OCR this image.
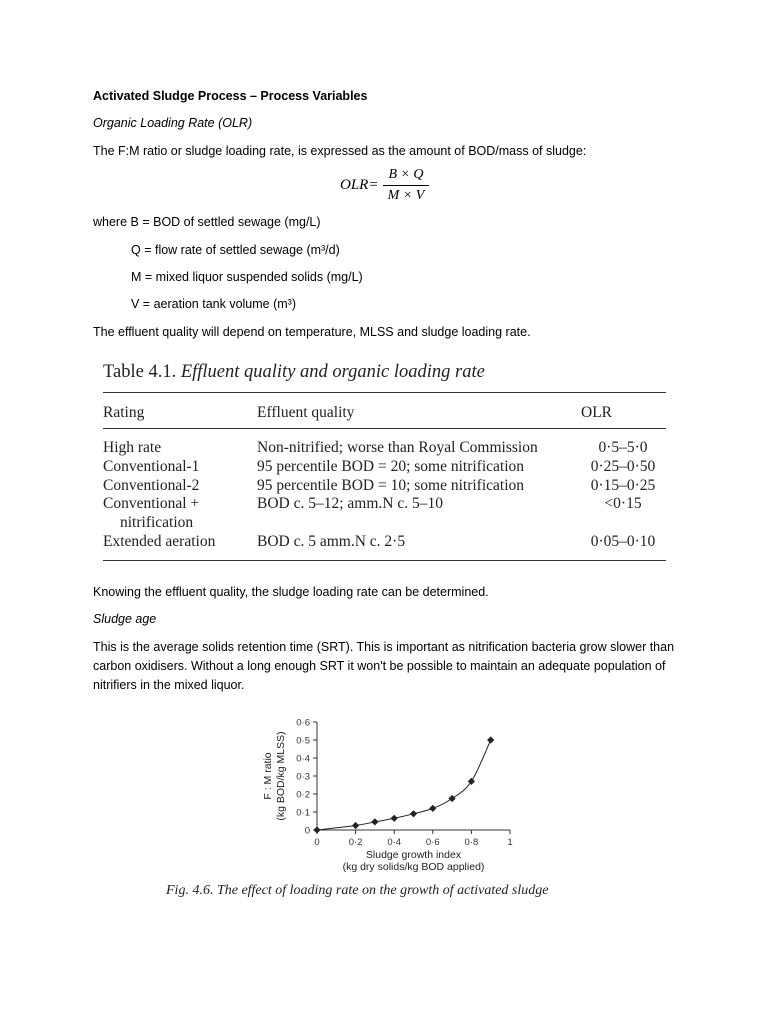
Activated Sludge Process – Process Variables

Organic Loading Rate (OLR)

The F:M ratio or sludge loading rate, is expressed as the amount of BOD/mass of sludge:

OLR=
B × Q
M × V

where B = BOD of settled sewage (mg/L)

Q = flow rate of settled sewage (m³/d)

M = mixed liquor suspended solids (mg/L)

V = aeration tank volume (m³)

The effluent quality will depend on temperature, MLSS and sludge loading rate.

Table 4.1. Effluent quality and organic loading rate
Rating	Effluent quality	OLR
High rate	Non-nitrified; worse than Royal Commission	0·5–5·0
Conventional-1	95 percentile BOD = 20; some nitrification	0·25–0·50
Conventional-2	95 percentile BOD = 10; some nitrification	0·15–0·25
Conventional +
nitrification
BOD c. 5–12; amm.N c. 5–10	<0·15
Extended aeration	BOD c. 5 amm.N c. 2·5	0·05–0·10

Knowing the effluent quality, the sludge loading rate can be determined.

Sludge age

This is the average solids retention time (SRT). This is important as nitrification bacteria grow slower than carbon oxidisers. Without a long enough SRT it won't be possible to maintain an adequate population of nitrifiers in the mixed liquor.

0	0·2	0·4	0·6	0·8	1
0
0·1
0·2
0·3
0·4
0·5
0·6
Sludge growth index
(kg dry solids/kg BOD applied)
F : M ratio (kg BOD/kg MLSS)
Fig. 4.6. The effect of loading rate on the growth of activated sludge
